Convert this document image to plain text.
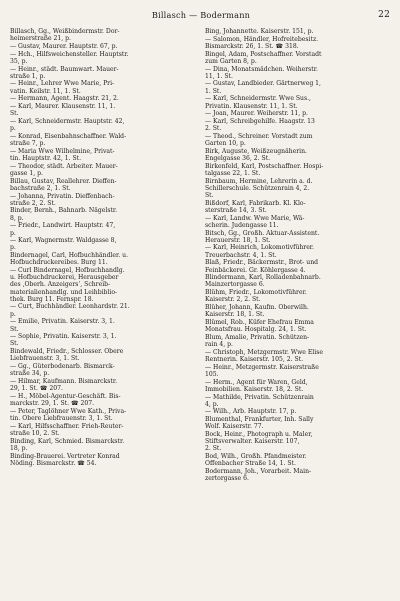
Billasch — Bodermann	22
Billasch, Gg., Weißbindermstr. Dor-
heimerstraße 21, p.
— Gustav, Maurer. Hauptstr. 67, p.
— Hch., Hilfsweichensteller. Hauptstr.
35, p.
— Heinr., städt. Baumwart. Mauer-
straße 1, p.
— Heinr., Lehrer Wwe Marie, Pri-
vatin. Keilstr. 11, 1. St.
— Hermann, Agent. Haagstr. 21, 2.
— Karl, Maurer. Klausenstr. 11, 1.
St.
— Karl, Schneidermstr. Hauptstr. 42,
p.
— Konrad, Eisenbahnschaffner. Wald-
straße 7, p.
— Maria Wwe Wilhelmine, Privat-
tin. Hauptstr. 42, 1. St.
— Theodor, städt. Arbeiter. Mauer-
gasse 1, p.
Billau, Gustav, Reallehrer. Dieffen-
bachstraße 2, 1. St.
— Johanna, Privatin. Dieffenbach-
straße 2, 2. St.
Binder, Bernh., Bahnarb. Nägelstr.
8, p.
— Friedr., Landwirt. Hauptstr. 47,
p.
— Karl, Wagnermstr. Waldgasse 8,
p.
Bindernagel, Carl, Hofbuchhändler. u.
Hofbuchdruckereibes. Burg 11.
— Curl Bindernagel, Hofbuchhandlg.
u. Hofbuchdruckerei, Herausgeber
des ‚Oberh. Anzeigers‘, Schreib-
materialienhandlg. und Leihbiblio-
thek. Burg 11. Fernspr. 18.
— Curt, Buchhändler. Leonhardstr. 21.
p.
— Emilie, Privatin. Kaiserstr. 3, 1.
St.
— Sophie, Privatin. Kaiserstr. 3, 1.
St.
Bindewald, Friedr., Schlosser. Obere
Liebfrauenstr. 3, 1. St.
— Gg., Güterbodenarb. Bismarck-
straße 34, p.
— Hilmar, Kaufmann. Bismarckstr.
29, 1. St. ☎ 207.
— H., Möbel-Agentur-Geschäft. Bis-
marckstr. 29, 1. St. ☎ 207.
— Peter, Taglöhner Wwe Kath., Priva-
tin. Obere Liebfrauenstr. 3, 1. St.
— Karl, Hilfsschaffner. Frieh-Reuter-
straße 10, 2. St.
Binding, Karl, Schmied. Bismarckstr.
18, p.
Binding-Brauerei. Vertreter Konrad
Nöding. Bismarckstr. ☎ 54.
Bing, Johannette. Kaiserstr. 151, p.
— Salomon, Händler, Hofreitebesitz.
Bismarckstr. 26, 1. St. ☎ 318.
Bingel, Adam, Postschaffner. Vorstadt
zum Garten 8, p.
— Dina, Monatsmädchen. Weiherstr.
11, 1. St.
— Gustav, Landbieder. Gärtnerweg 1,
1. St.
— Karl, Schneidermstr. Wwe Sus.,
Privatin. Klausenstr. 11, 1. St.
— Joan, Maurer. Weiherstr. 11, p.
— Karl, Schreibgehilfe. Haagstr. 13
2. St.
— Theod., Schreiner. Vorstadt zum
Garten 10, p.
Birk, Auguste, Weißzeugnäherin.
Engelgasse 36, 2. St.
Birkenfeld, Karl, Postschaffner. Hospi-
talgasse 22, 1. St.
Birnbaum, Hermine, Lehrerin a. d.
Schillerschule. Schützenrain 4, 2.
St.
Bißdorf, Karl, Fabrikarb. Kl. Klo-
sterstraße 14, 3. St.
— Karl, Landw. Wwe Marie, Wä-
scherin. Judengasse 11.
Bitsch, Gg., Großh. Aktuar-Assistent.
Herauerstr. 18, 1. St.
— Karl, Heinrich, Lokomotivführer.
Treuerbachstr. 4, 1. St.
Blaß, Friedr., Bäckermstr., Brot- und
Feinbäckerei. Gr. Köhlergasse 4.
Blindermann, Karl, Rolladenbahnarb.
Mainzertorgasse 6.
Blühm, Friedr., Lokomotivführer.
Kaiserstr. 2, 2. St.
Blüher, Johann, Kaufm. Oberwilh.
Kaiserstr. 18, 1. St.
Blümel, Rob., Küfer Ehefrau Emma
Monatsfrau. Hospitalg. 24, 1. St.
Blum, Amalie, Privatin. Schützen-
rain 4, p.
— Christoph, Metzgermstr. Wwe Elise
Rentnerin. Kaiserstr. 105, 2. St.
— Heinr., Metzgermstr. Kaiserstraße
105.
— Herm., Agent für Waren, Geld,
Immobilien. Kaiserstr. 18, 2. St.
— Mathilde, Privatin. Schützenrain
4, p.
— Wilh., Arb. Hauptstr. 17, p.
Blumenthal, Frankfurter, Inh. Sally
Wolf. Kaiserstr. 77.
Bock, Heinr., Photograph u. Maler,
Stiftsverwalter. Kaiserstr. 107,
2. St.
Bod, Wilh., Großh. Pfandmeister.
Offenbacher Straße 14, 1. St.
Bodermann, Joh., Vorarbeit. Main-
zertorgasse 6.
